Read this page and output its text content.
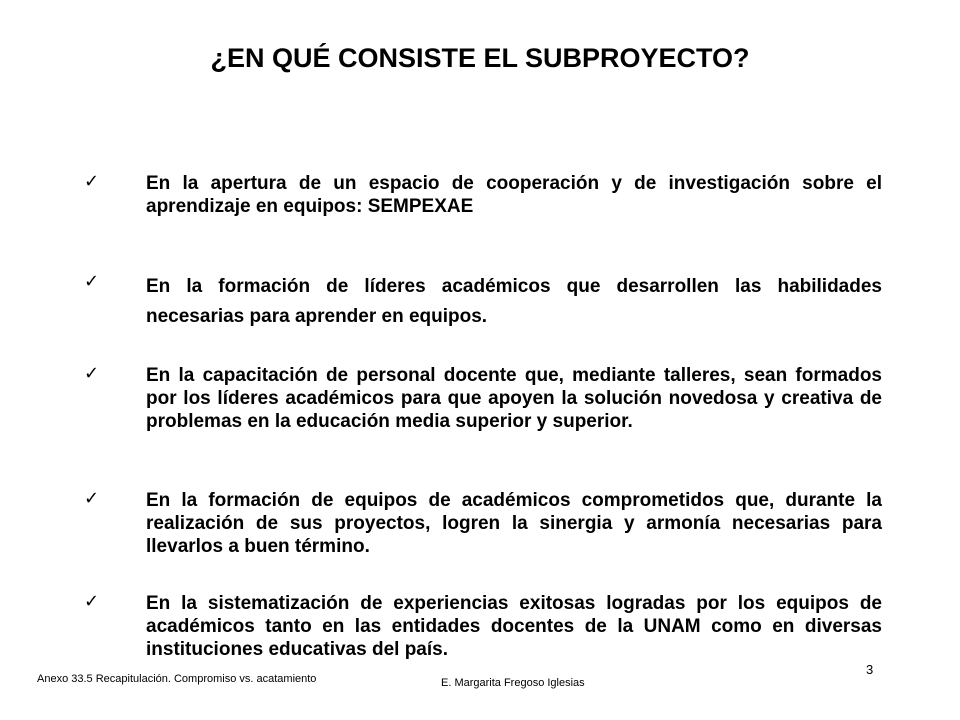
¿EN QUÉ CONSISTE EL SUBPROYECTO?
✓ En la apertura de un espacio de cooperación y de investigación sobre el aprendizaje en equipos: SEMPEXAE

✓ En la formación de líderes académicos que desarrollen las habilidades necesarias para aprender en equipos.

✓ En la capacitación de personal docente que, mediante talleres, sean formados por los líderes académicos para que apoyen la solución novedosa y creativa de problemas en la educación media superior y superior.

✓ En la formación de equipos de académicos comprometidos que, durante la realización de sus proyectos, logren la sinergia y armonía necesarias para llevarlos a buen término.

✓ En la sistematización de experiencias exitosas logradas por los equipos de académicos tanto en las entidades docentes de la UNAM como en diversas instituciones educativas del país.

Anexo 33.5 Recapitulación. Compromiso vs. acatamiento	E. Margarita Fregoso Iglesias

3
